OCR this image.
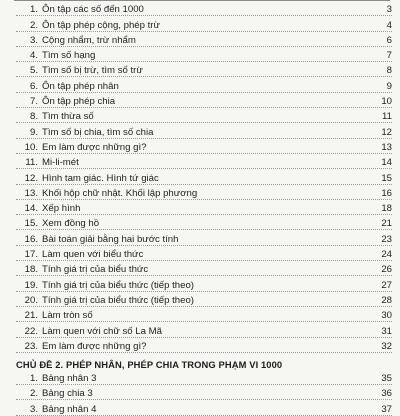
1. Ôn tập các số đến 1000	3
2. Ôn tập phép cộng, phép trừ	4
3. Cộng nhẩm, trừ nhẩm	6
4. Tìm số hạng	7
5. Tìm số bị trừ, tìm số trừ	8
6. Ôn tập phép nhân	9
7. Ôn tập phép chia	10
8. Tìm thừa số	11
9. Tìm số bị chia, tìm số chia	12
10. Em làm được những gì?	13
11. Mi-li-mét	14
12. Hình tam giác. Hình tứ giác	15
13. Khối hộp chữ nhật. Khối lập phương	16
14. Xếp hình	18
15. Xem đồng hồ	21
16. Bài toán giải bằng hai bước tính	23
17. Làm quen với biểu thức	24
18. Tính giá trị của biểu thức	26
19. Tính giá trị của biểu thức (tiếp theo)	27
20. Tính giá trị của biểu thức (tiếp theo)	28
21. Làm tròn số	30
22. Làm quen với chữ số La Mã	31
23. Em làm được những gì?	32
CHỦ ĐỀ 2. PHÉP NHÂN, PHÉP CHIA TRONG PHẠM VI 1000
1. Bảng nhân 3	35
2. Bảng chia 3	36
3. Bảng nhân 4	37
